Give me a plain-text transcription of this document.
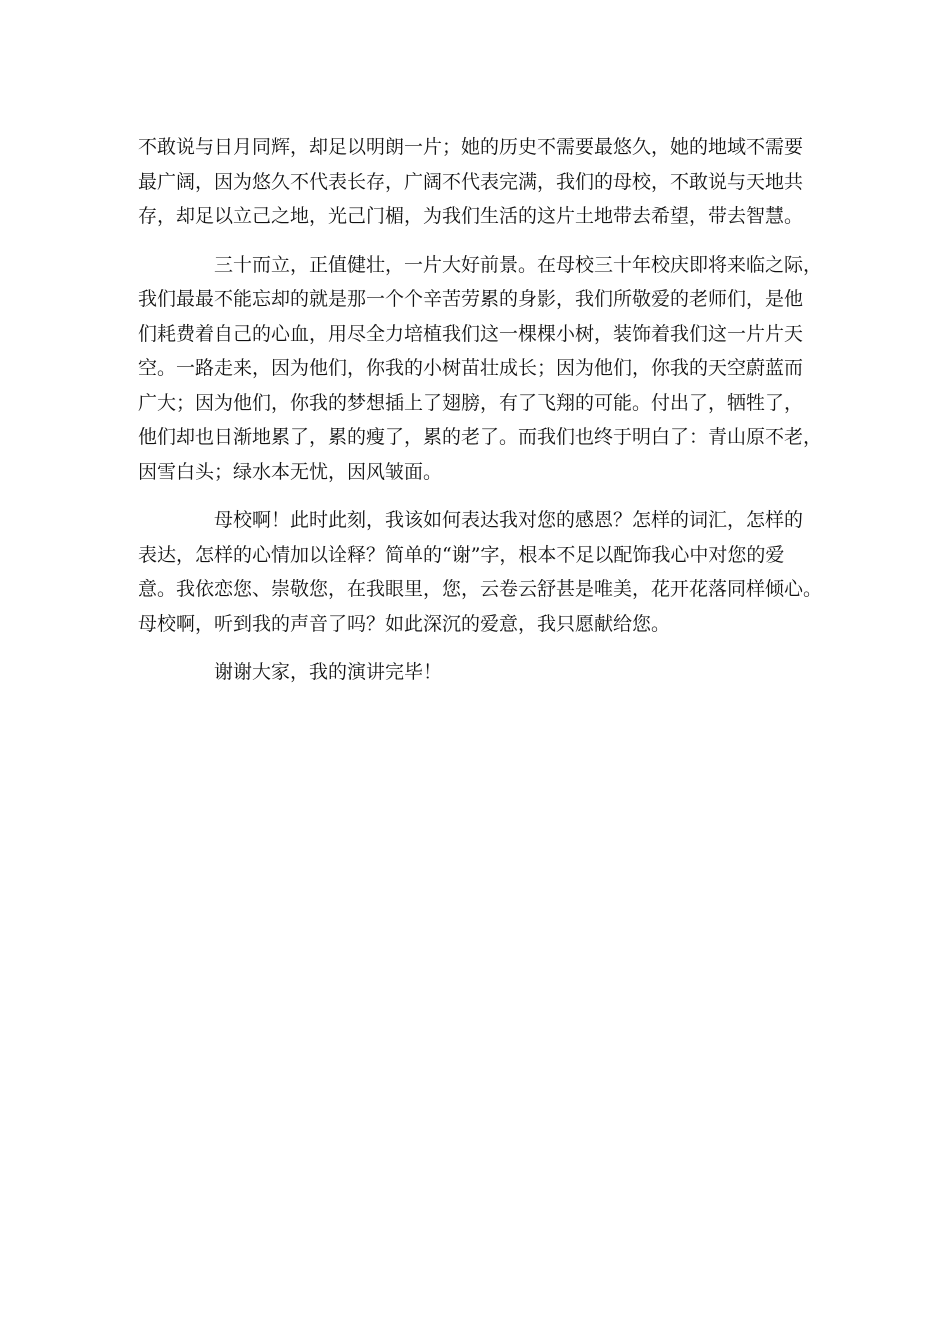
不敢说与日月同辉，却足以明朗一片；她的历史不需要最悠久，她的地域不需要
最广阔，因为悠久不代表长存，广阔不代表完满，我们的母校，不敢说与天地共
存，却足以立己之地，光己门楣，为我们生活的这片土地带去希望，带去智慧。
三十而立，正值健壮，一片大好前景。在母校三十年校庆即将来临之际，
我们最最不能忘却的就是那一个个辛苦劳累的身影，我们所敬爱的老师们，是他
们耗费着自己的心血，用尽全力培植我们这一棵棵小树，装饰着我们这一片片天
空。一路走来，因为他们，你我的小树苗壮成长；因为他们，你我的天空蔚蓝而
广大；因为他们，你我的梦想插上了翅膀，有了飞翔的可能。付出了，牺牲了，
他们却也日渐地累了，累的瘦了，累的老了。而我们也终于明白了：青山原不老，
因雪白头；绿水本无忧，因风皱面。
母校啊！此时此刻，我该如何表达我对您的感恩？怎样的词汇，怎样的
表达，怎样的心情加以诠释？简单的“谢”字，根本不足以配饰我心中对您的爱
意。我依恋您、崇敬您，在我眼里，您，云卷云舒甚是唯美，花开花落同样倾心。
母校啊，听到我的声音了吗？如此深沉的爱意，我只愿献给您。
谢谢大家，我的演讲完毕！
